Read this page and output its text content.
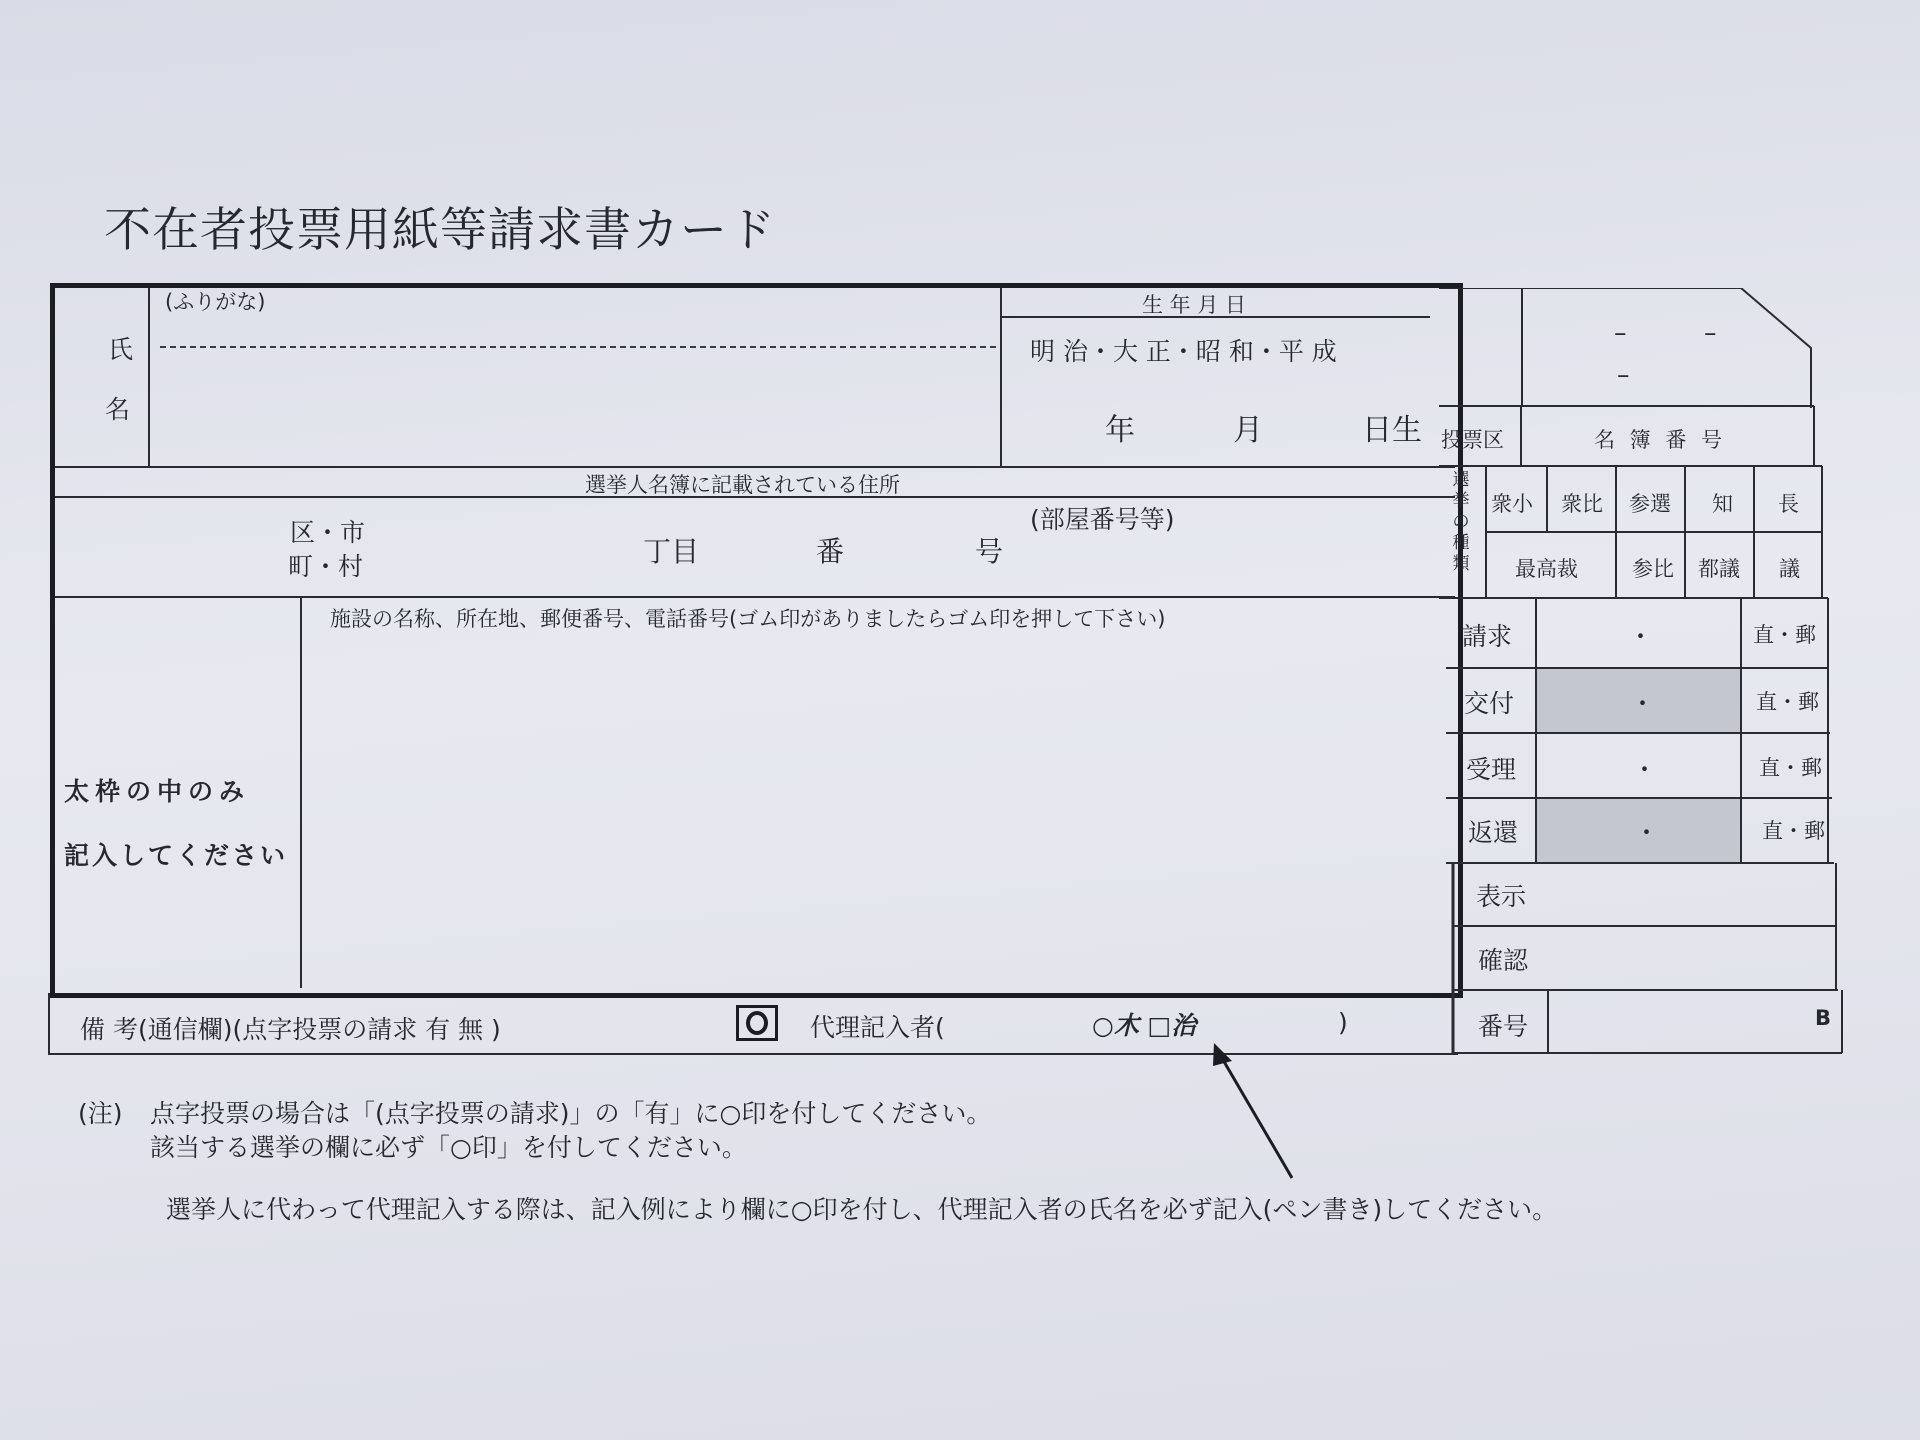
不在者投票用紙等請求書カード
(ふりがな)
氏
名
生 年 月 日
明 治・大 正・昭 和・平 成
年	月	日生
選挙人名簿に記載されている住所
区・市
町・村	丁目	番	号
(部屋番号等)
施設の名称、所在地、郵便番号、電話番号(ゴム印がありましたらゴム印を押して下さい)
太枠の中のみ
記入してください
備 考(通信欄)(点字投票の請求 有 無 )	代理記入者(	○木 □治	)
–	–
–
投票区	名 簿 番 号
選挙の種類
衆小 衆比 参選 知 長
最高裁	参比 都議 議
請求	・	直・郵
交付	・	直・郵
受理	・	直・郵
返還	・	直・郵
表示
確認
番号	B
(注) 点字投票の場合は「(点字投票の請求)」の「有」に○印を付してください。
該当する選挙の欄に必ず「○印」を付してください。
選挙人に代わって代理記入する際は、記入例により欄に○印を付し、代理記入者の氏名を必ず記入(ペン書き)してください。
